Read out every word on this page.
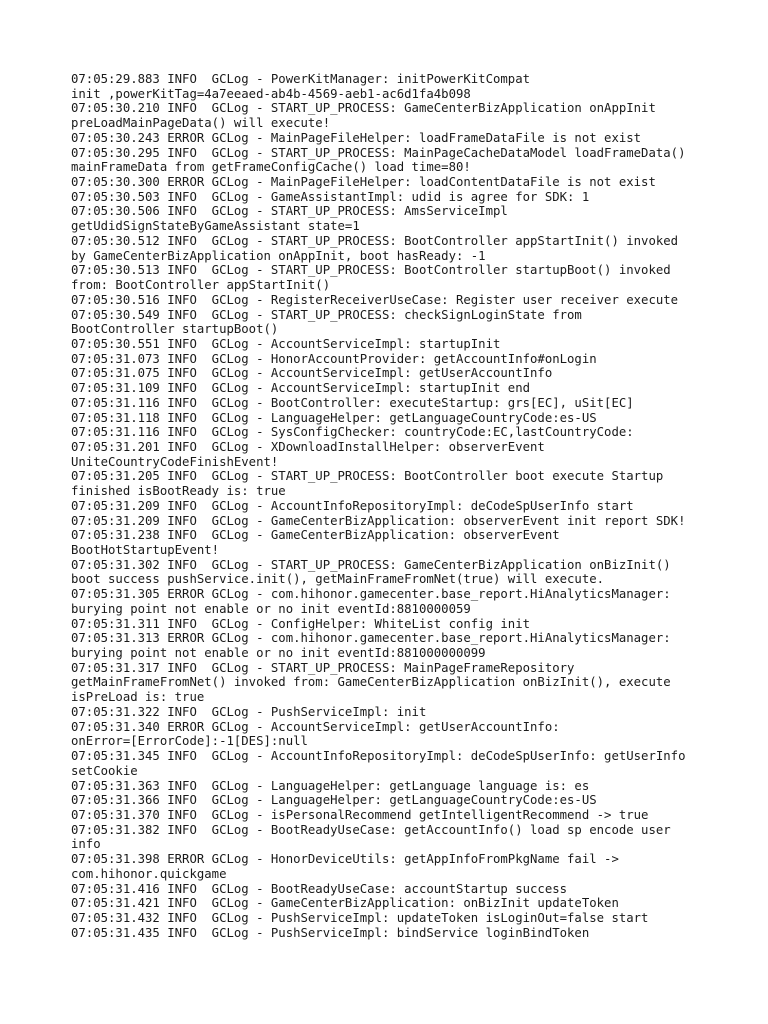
07:05:29.883 INFO  GCLog - PowerKitManager: initPowerKitCompat
init ,powerKitTag=4a7eeaed-ab4b-4569-aeb1-ac6d1fa4b098
07:05:30.210 INFO  GCLog - START_UP_PROCESS: GameCenterBizApplication onAppInit
preLoadMainPageData() will execute!
07:05:30.243 ERROR GCLog - MainPageFileHelper: loadFrameDataFile is not exist
07:05:30.295 INFO  GCLog - START_UP_PROCESS: MainPageCacheDataModel loadFrameData()
mainFrameData from getFrameConfigCache() load time=80!
07:05:30.300 ERROR GCLog - MainPageFileHelper: loadContentDataFile is not exist
07:05:30.503 INFO  GCLog - GameAssistantImpl: udid is agree for SDK: 1
07:05:30.506 INFO  GCLog - START_UP_PROCESS: AmsServiceImpl
getUdidSignStateByGameAssistant state=1
07:05:30.512 INFO  GCLog - START_UP_PROCESS: BootController appStartInit() invoked
by GameCenterBizApplication onAppInit, boot hasReady: -1
07:05:30.513 INFO  GCLog - START_UP_PROCESS: BootController startupBoot() invoked
from: BootController appStartInit()
07:05:30.516 INFO  GCLog - RegisterReceiverUseCase: Register user receiver execute
07:05:30.549 INFO  GCLog - START_UP_PROCESS: checkSignLoginState from
BootController startupBoot()
07:05:30.551 INFO  GCLog - AccountServiceImpl: startupInit
07:05:31.073 INFO  GCLog - HonorAccountProvider: getAccountInfo#onLogin
07:05:31.075 INFO  GCLog - AccountServiceImpl: getUserAccountInfo
07:05:31.109 INFO  GCLog - AccountServiceImpl: startupInit end
07:05:31.116 INFO  GCLog - BootController: executeStartup: grs[EC], uSit[EC]
07:05:31.118 INFO  GCLog - LanguageHelper: getLanguageCountryCode:es-US
07:05:31.116 INFO  GCLog - SysConfigChecker: countryCode:EC,lastCountryCode:
07:05:31.201 INFO  GCLog - XDownloadInstallHelper: observerEvent
UniteCountryCodeFinishEvent!
07:05:31.205 INFO  GCLog - START_UP_PROCESS: BootController boot execute Startup
finished isBootReady is: true
07:05:31.209 INFO  GCLog - AccountInfoRepositoryImpl: deCodeSpUserInfo start
07:05:31.209 INFO  GCLog - GameCenterBizApplication: observerEvent init report SDK!
07:05:31.238 INFO  GCLog - GameCenterBizApplication: observerEvent
BootHotStartupEvent!
07:05:31.302 INFO  GCLog - START_UP_PROCESS: GameCenterBizApplication onBizInit()
boot success pushService.init(), getMainFrameFromNet(true) will execute.
07:05:31.305 ERROR GCLog - com.hihonor.gamecenter.base_report.HiAnalyticsManager:
burying point not enable or no init eventId:8810000059
07:05:31.311 INFO  GCLog - ConfigHelper: WhiteList config init
07:05:31.313 ERROR GCLog - com.hihonor.gamecenter.base_report.HiAnalyticsManager:
burying point not enable or no init eventId:881000000099
07:05:31.317 INFO  GCLog - START_UP_PROCESS: MainPageFrameRepository
getMainFrameFromNet() invoked from: GameCenterBizApplication onBizInit(), execute
isPreLoad is: true
07:05:31.322 INFO  GCLog - PushServiceImpl: init
07:05:31.340 ERROR GCLog - AccountServiceImpl: getUserAccountInfo:
onError=[ErrorCode]:-1[DES]:null
07:05:31.345 INFO  GCLog - AccountInfoRepositoryImpl: deCodeSpUserInfo: getUserInfo
setCookie
07:05:31.363 INFO  GCLog - LanguageHelper: getLanguage language is: es
07:05:31.366 INFO  GCLog - LanguageHelper: getLanguageCountryCode:es-US
07:05:31.370 INFO  GCLog - isPersonalRecommend getIntelligentRecommend -> true
07:05:31.382 INFO  GCLog - BootReadyUseCase: getAccountInfo() load sp encode user
info
07:05:31.398 ERROR GCLog - HonorDeviceUtils: getAppInfoFromPkgName fail ->
com.hihonor.quickgame
07:05:31.416 INFO  GCLog - BootReadyUseCase: accountStartup success
07:05:31.421 INFO  GCLog - GameCenterBizApplication: onBizInit updateToken
07:05:31.432 INFO  GCLog - PushServiceImpl: updateToken isLoginOut=false start
07:05:31.435 INFO  GCLog - PushServiceImpl: bindService loginBindToken
